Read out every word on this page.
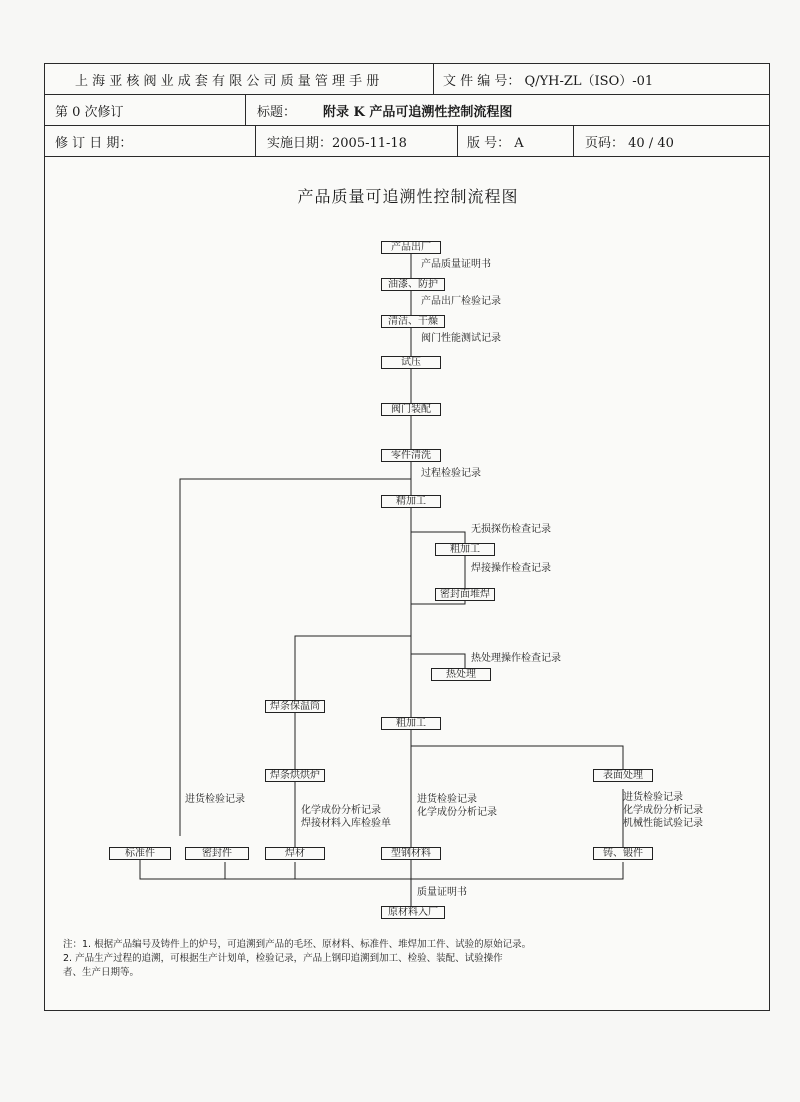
上 海 亚 核 阀 业 成 套 有 限 公 司 质 量 管 理 手 册	文 件 编 号： Q/YH-ZL（ISO）-01
第 0 次修订	标题： 附录 K 产品可追溯性控制流程图
修 订 日 期：	实施日期：2005-11-18	版 号： A	页码： 40 / 40
产品质量可追溯性控制流程图
产品出厂
油漆、防护
清洁、干燥
试压
阀门装配
零件清洗
精加工
粗加工
密封面堆焊
热处理
焊条保温筒
粗加工
焊条烘烘炉	表面处理
标准件	密封件	焊材	型钢材料	铸、锻件
原材料入厂
产品质量证明书
产品出厂检验记录
阀门性能测试记录
过程检验记录
无损探伤检查记录
焊接操作检查记录
热处理操作检查记录
进货检验记录
化学成份分析记录
焊接材料入库检验单
进货检验记录
化学成份分析记录
进货检验记录
化学成份分析记录
机械性能试验记录
质量证明书
注：1. 根据产品编号及铸件上的炉号，可追溯到产品的毛坯、原材料、标准件、堆焊加工件、试验的原始记录。
2. 产品生产过程的追溯，可根据生产计划单，检验记录，产品上钢印追溯到加工、检验、装配、试验操作
者、生产日期等。
